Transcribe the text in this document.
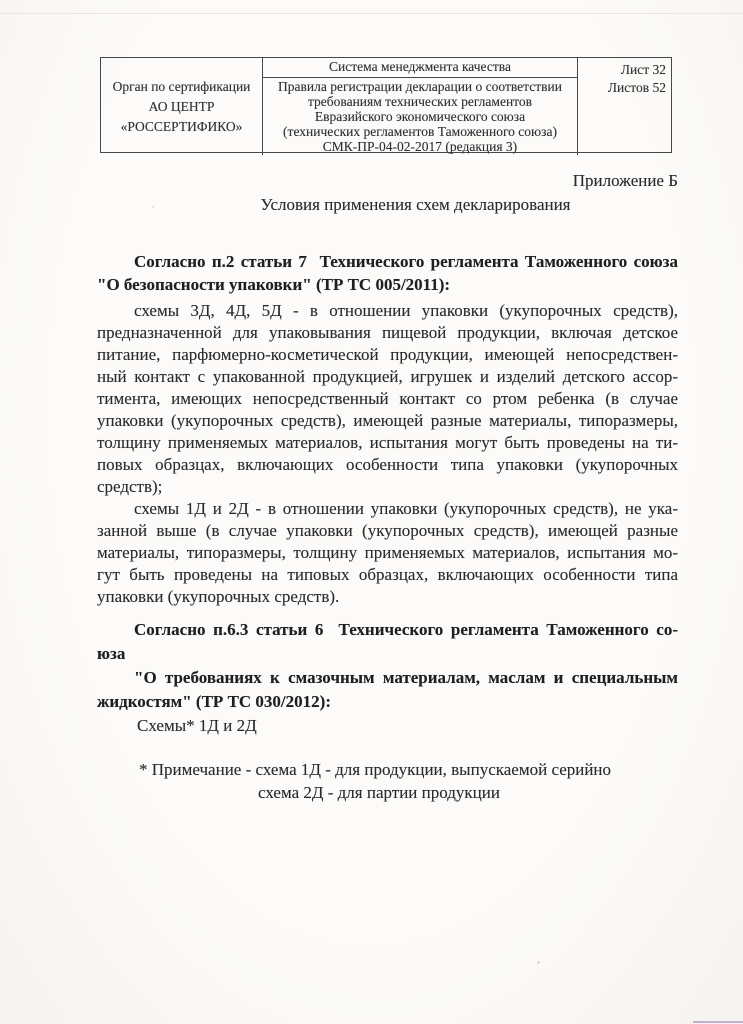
Орган по сертификации
АО ЦЕНТР
«РОССЕРТИФИКО»
Система менеджмента качества
Правила регистрации декларации о соответствии
требованиям технических регламентов
Евразийского экономического союза
(технических регламентов Таможенного союза)
СМК-ПР-04-02-2017 (редакция 3)
Лист 32
Листов 52
Приложение Б
Условия применения схем декларирования
Согласно п.2 статьи 7  Технического регламента Таможенного союза
"О безопасности упаковки" (ТР ТС 005/2011):
схемы 3Д, 4Д, 5Д - в отношении упаковки (укупорочных средств),
предназначенной для упаковывания пищевой продукции, включая детское
питание, парфюмерно-косметической продукции, имеющей непосредствен-
ный контакт с упакованной продукцией, игрушек и изделий детского ассор-
тимента, имеющих непосредственный контакт со ртом ребенка (в случае
упаковки (укупорочных средств), имеющей разные материалы, типоразмеры,
толщину применяемых материалов, испытания могут быть проведены на ти-
повых образцах, включающих особенности типа упаковки (укупорочных
средств);
схемы 1Д и 2Д - в отношении упаковки (укупорочных средств), не ука-
занной выше (в случае упаковки (укупорочных средств), имеющей разные
материалы, типоразмеры, толщину применяемых материалов, испытания мо-
гут быть проведены на типовых образцах, включающих особенности типа
упаковки (укупорочных средств).
Согласно п.6.3 статьи 6  Технического регламента Таможенного со-
юза
"О требованиях к смазочным материалам, маслам и специальным
жидкостям" (ТР ТС 030/2012):
Схемы* 1Д и 2Д
* Примечание - схема 1Д - для продукции, выпускаемой серийно
схема 2Д - для партии продукции
